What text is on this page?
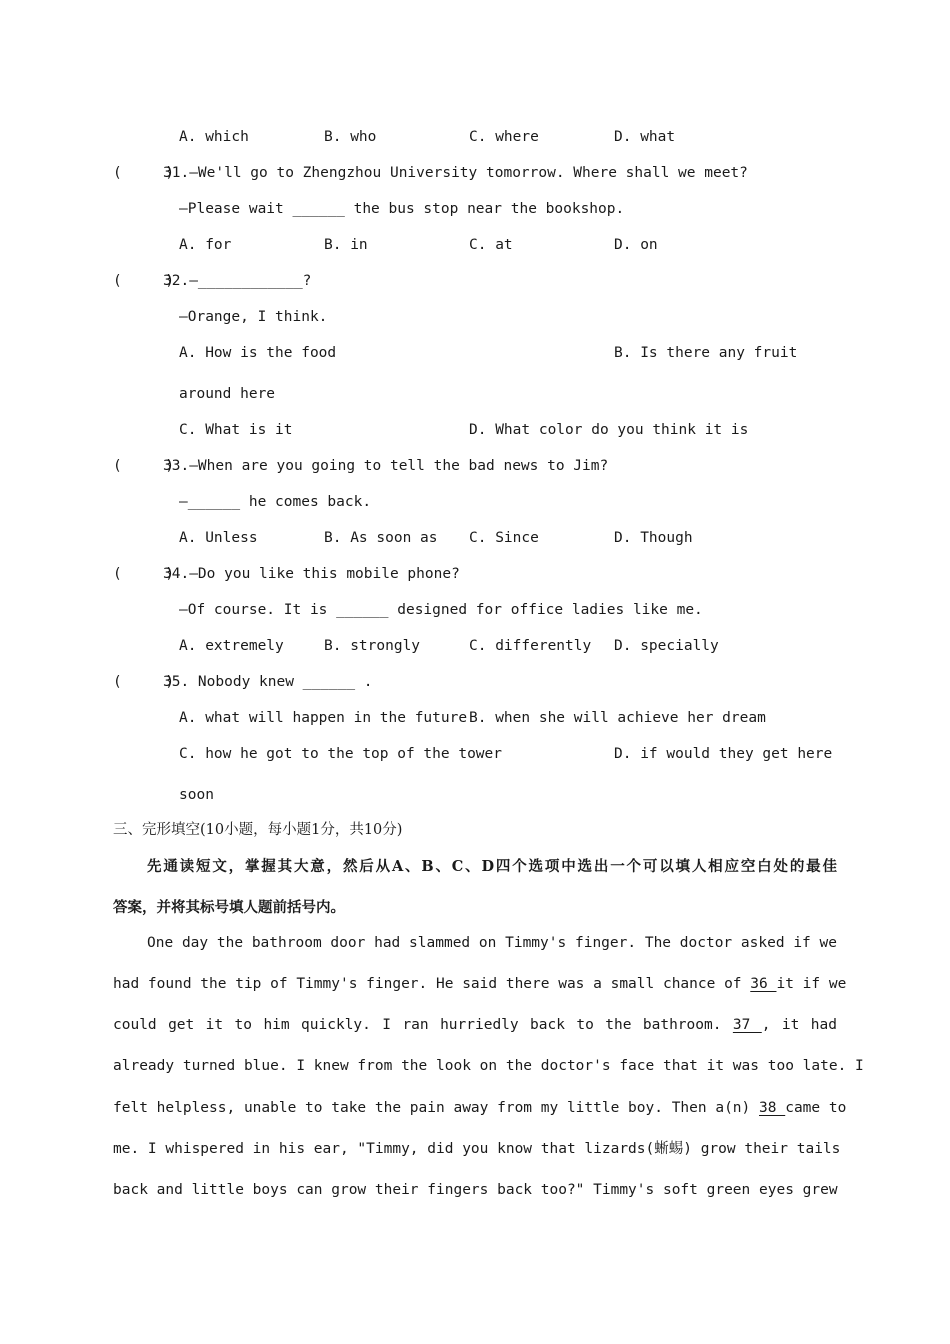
A. which	B. who	C. where	D. what
(     )
31.—We'll go to Zhengzhou University tomorrow. Where shall we meet?
—Please wait ______ the bus stop near the bookshop.
A. for	B. in	C. at	D. on
(     )
32.—____________?
—Orange, I think.
A. How is the food	B. Is there any fruit
around here
C. What is it	D. What color do you think it is
(     )
33.—When are you going to tell the bad news to Jim?
—______ he comes back.
A. Unless	B. As soon as C. Since	D. Though
(     )
34.—Do you like this mobile phone?
—Of course. It is ______ designed for office ladies like me.
A. extremely	B. strongly	C. differently D. specially
(     )
35. Nobody knew ______ .
A. what will happen in the future B. when she will achieve her dream
C. how he got to the top of the tower	D. if would they get here
soon
三、完形填空(10小题，每小题1分，共10分)
先通读短文，掌握其大意，然后从A、B、C、D四个选项中选出一个可以填人相应空白处的最佳
答案，并将其标号填人题前括号内。
One day the bathroom door had slammed on Timmy's finger. The doctor asked if we
had found the tip of Timmy's finger. He said there was a small chance of 36 it if we
could get it to him quickly. I ran hurriedly back to the bathroom. 37 , it had
already turned blue. I knew from the look on the doctor's face that it was too late. I
felt helpless, unable to take the pain away from my little boy. Then a(n) 38 came to
me. I whispered in his ear, "Timmy, did you know that lizards(蜥蜴) grow their tails
back and little boys can grow their fingers back too?" Timmy's soft green eyes grew
